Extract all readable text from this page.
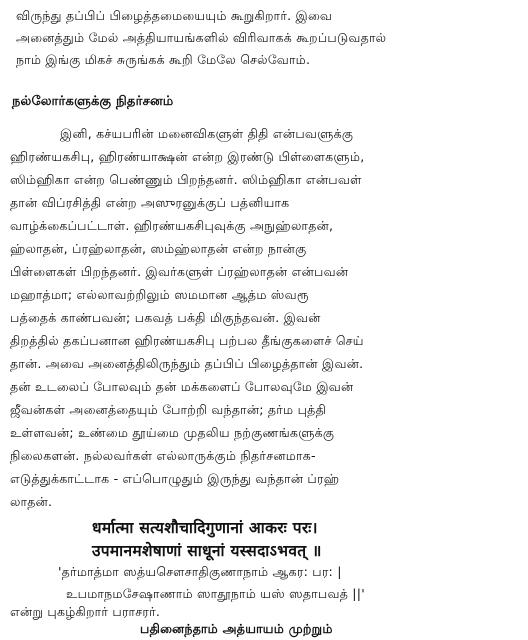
விருந்து தப்பிப் பிழைத்தமையையும் கூறுகிறார். இவை
அனைத்தும் மேல் அத்தியாயங்களில் விரிவாகக் கூறப்படுவதால்
நாம் இங்கு மிகச் சுருங்கக் கூறி மேலே செல்வோம்.
நல்லோர்களுக்கு நிதர்சனம்
இனி, கச்யபரின் மனைவிகளுள் திதி என்பவளுக்கு
ஹிரண்யகசிபு, ஹிரண்யாக்ஷன் என்ற இரண்டு பிள்ளைகளும்,
ஸிம்ஹிகா என்ற பெண்ணும் பிறந்தனர். ஸிம்ஹிகா என்பவள்
தான் விப்ரசித்தி என்ற அஸுரனுக்குப் பத்னியாக
வாழ்க்கைப்பட்டாள். ஹிரண்யகசிபுவுக்கு அநுஹ்லாதன்,
ஹ்லாதன், ப்ரஹ்லாதன், ஸம்ஹ்லாதன் என்ற நான்கு
பிள்ளைகள் பிறந்தனர். இவர்களுள் ப்ரஹ்லாதன் என்பவன்
மஹாத்மா; எல்லாவற்றிலும் ஸமமான ஆத்ம ஸ்வரூ
பத்தைக் காண்பவன்; பகவத் பக்தி மிகுந்தவன். இவன்
திறத்தில் தகப்பனான ஹிரண்யகசிபு பற்பல தீங்குகளைச் செய்
தான். அவை அனைத்திலிருந்தும் தப்பிப் பிழைத்தான் இவன்.
தன் உடலைப் போலவும் தன் மக்களைப் போலவுமே இவன்
ஜீவன்கள் அனைத்தையும் போற்றி வந்தான்; தர்ம புத்தி
உள்ளவன்; உண்மை தூய்மை முதலிய நற்குணங்களுக்கு
நிலைகளன். நல்லவர்கள் எல்லாருக்கும் நிதர்சனமாக-
எடுத்துக்காட்டாக - எப்பொழுதும் இருந்து வந்தான் ப்ரஹ்
லாதன்.
धर्मात्मा सत्यशौचादिगुणानां आकरः परः।
उपमानमशेषाणां साधूनां यस्सदाऽभवत् ॥
'தர்மாத்மா ஸத்யசௌசாதிகுணாநாம் ஆகர: பர: |
உபமாநமசேஷாணாம் ஸாதூநாம் யஸ் ஸதாபவத் ||'
என்று புகழ்கிறார் பராசரர்.
பதினைந்தாம் அத்யாயம் முற்றும்
